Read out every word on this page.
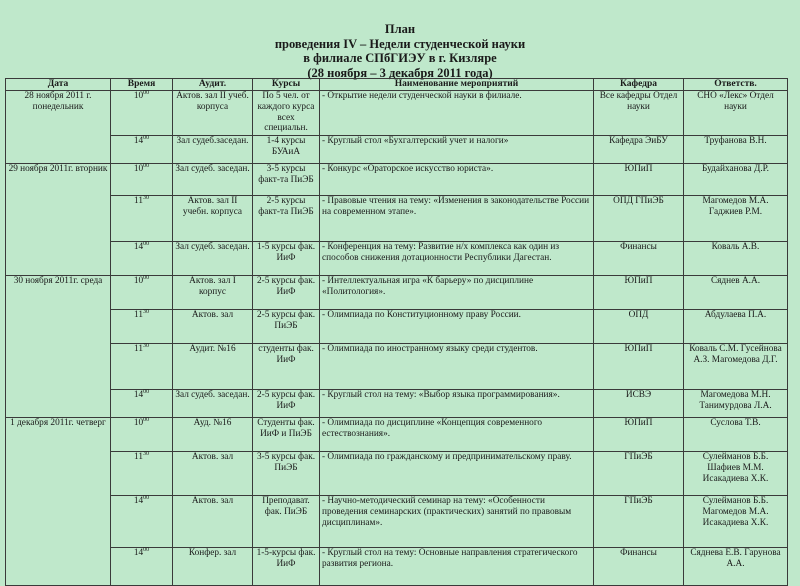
План
проведения IV – Недели студенческой науки
в филиале СПбГИЭУ в г. Кизляре
(28 ноября – 3 декабря 2011 года)
Дата	Время	Аудит.	Курсы	Наименование мероприятий	Кафедра	Ответств.
28 ноября 2011 г. понедельник	$10^{00}$	Актов. зал II учеб. корпуса	По 5 чел. от каждого курса всех специальн.	- Открытие недели студенческой науки в филиале.	Все кафедры Отдел науки	СНО «Лекс» Отдел науки
	$14^{00}$	Зал судеб.заседан.	1-4 курсы БУАиА	- Круглый стол «Бухгалтерский учет и налоги»	Кафедра ЭиБУ	Труфанова В.Н.
29 ноября 2011г. вторник	$10^{00}$	Зал судеб. заседан.	3-5 курсы факт-та ПиЭБ	- Конкурс «Ораторское искусство юриста».	ЮПиП	Будайханова Д.Р.
	$11^{30}$	Актов. зал II учебн. корпуса	2-5 курсы факт-та ПиЭБ	- Правовые чтения на тему: «Изменения в законодательстве России на современном этапе».	ОПД ГПиЭБ	Магомедов М.А. Гаджиев Р.М.
	$14^{00}$	Зал судеб. заседан.	1-5 курсы фак. ИиФ	- Конференция на тему: Развитие н/х комплекса как один из способов снижения дотационности Республики Дагестан.	Финансы	Коваль А.В.
30 ноября 2011г. среда	$10^{00}$	Актов. зал I корпус	2-5 курсы фак. ИиФ	- Интеллектуальная игра «К барьеру» по дисциплине «Политология».	ЮПиП	Сяднев А.А.
	$11^{30}$	Актов. зал	2-5 курсы фак. ПиЭБ	- Олимпиада по Конституционному праву России.	ОПД	Абдулаева П.А.
	$11^{30}$	Аудит. №16	студенты фак. ИиФ	- Олимпиада по иностранному языку среди студентов.	ЮПиП	Коваль С.М. Гусейнова А.З. Магомедова Д.Г.
	$14^{00}$	Зал судеб. заседан.	2-5 курсы фак. ИиФ	- Круглый стол на тему: «Выбор языка программирования».	ИСВЭ	Магомедова М.Н. Танимурдова Л.А.
1 декабря 2011г. четверг	$10^{00}$	Ауд. №16	Студенты фак. ИиФ и ПиЭБ	- Олимпиада по дисциплине «Концепция современного естествознания».	ЮПиП	Суслова Т.В.
	$11^{30}$	Актов. зал	3-5 курсы фак. ПиЭБ	- Олимпиада по гражданскому и предпринимательскому праву.	ГПиЭБ	Сулейманов Б.Б. Шафиев М.М. Исакадиева Х.К.
	$14^{00}$	Актов. зал	Преподават. фак. ПиЭБ	- Научно-методический семинар на тему: «Особенности проведения семинарских (практических) занятий по правовым дисциплинам».	ГПиЭБ	Сулейманов Б.Б. Магомедов М.А. Исакадиева Х.К.
	$14^{00}$	Конфер. зал	1-5-курсы фак. ИиФ	- Круглый стол на тему: Основные направления стратегического развития региона.	Финансы	Сяднева Е.В. Гарунова А.А.
